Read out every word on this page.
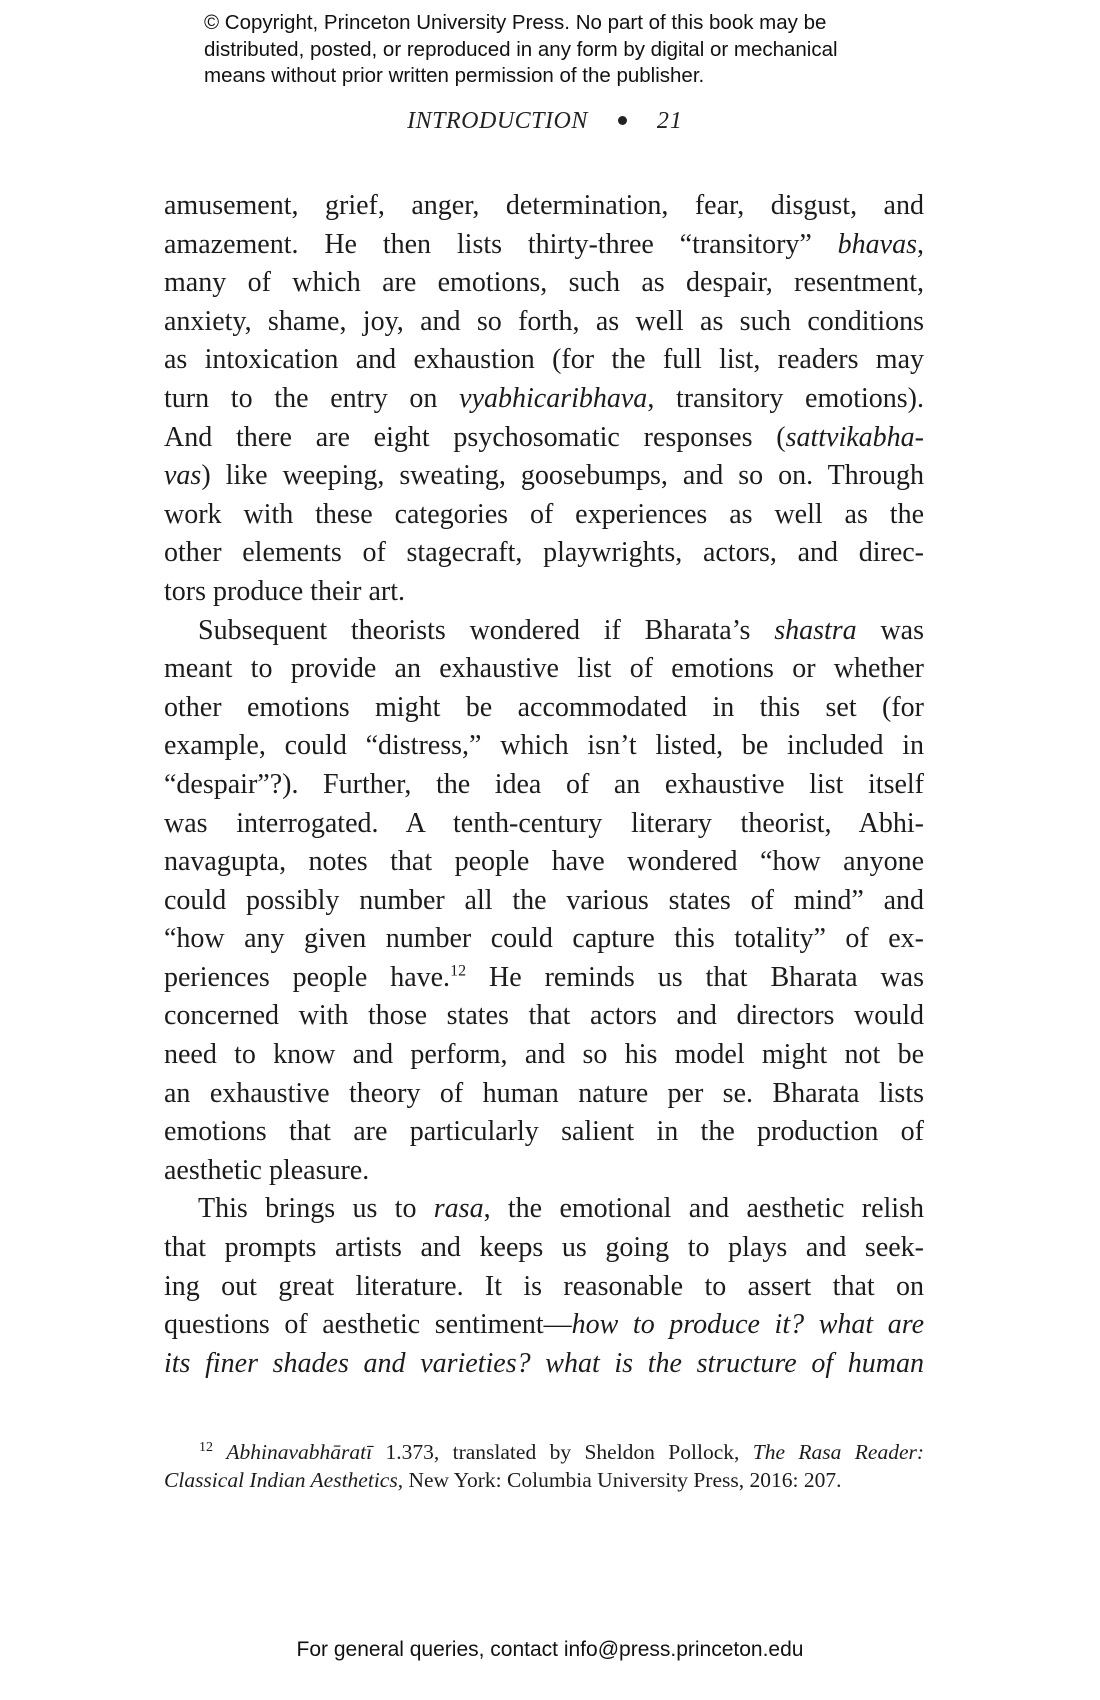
© Copyright, Princeton University Press. No part of this book may be
distributed, posted, or reproduced in any form by digital or mechanical
means without prior written permission of the publisher.
INTRODUCTION	21
amusement, grief, anger, determination, fear, disgust, and
amazement. He then lists thirty-three “transitory” bhavas,
many of which are emotions, such as despair, resentment,
anxiety, shame, joy, and so forth, as well as such conditions
as intoxication and exhaustion (for the full list, readers may
turn to the entry on vyabhicaribhava, transitory emotions).
And there are eight psychosomatic responses (sattvikabha-
vas) like weeping, sweating, goosebumps, and so on. Through
work with these categories of experiences as well as the
other elements of stagecraft, playwrights, actors, and direc-
tors produce their art.
Subsequent theorists wondered if Bharata’s shastra was
meant to provide an exhaustive list of emotions or whether
other emotions might be accommodated in this set (for
example, could “distress,” which isn’t listed, be included in
“despair”?). Further, the idea of an exhaustive list itself
was interrogated. A tenth-century literary theorist, Abhi-
navagupta, notes that people have wondered “how anyone
could possibly number all the various states of mind” and
“how any given number could capture this totality” of ex-
periences people have.$^{12}$ He reminds us that Bharata was
concerned with those states that actors and directors would
need to know and perform, and so his model might not be
an exhaustive theory of human nature per se. Bharata lists
emotions that are particularly salient in the production of
aesthetic pleasure.
This brings us to rasa, the emotional and aesthetic relish
that prompts artists and keeps us going to plays and seek-
ing out great literature. It is reasonable to assert that on
questions of aesthetic sentiment—how to produce it? what are
its finer shades and varieties? what is the structure of human
$^{12}$ Abhinavabhāratī 1.373, translated by Sheldon Pollock, The Rasa Reader:
Classical Indian Aesthetics, New York: Columbia University Press, 2016: 207.
For general queries, contact info@press.princeton.edu
